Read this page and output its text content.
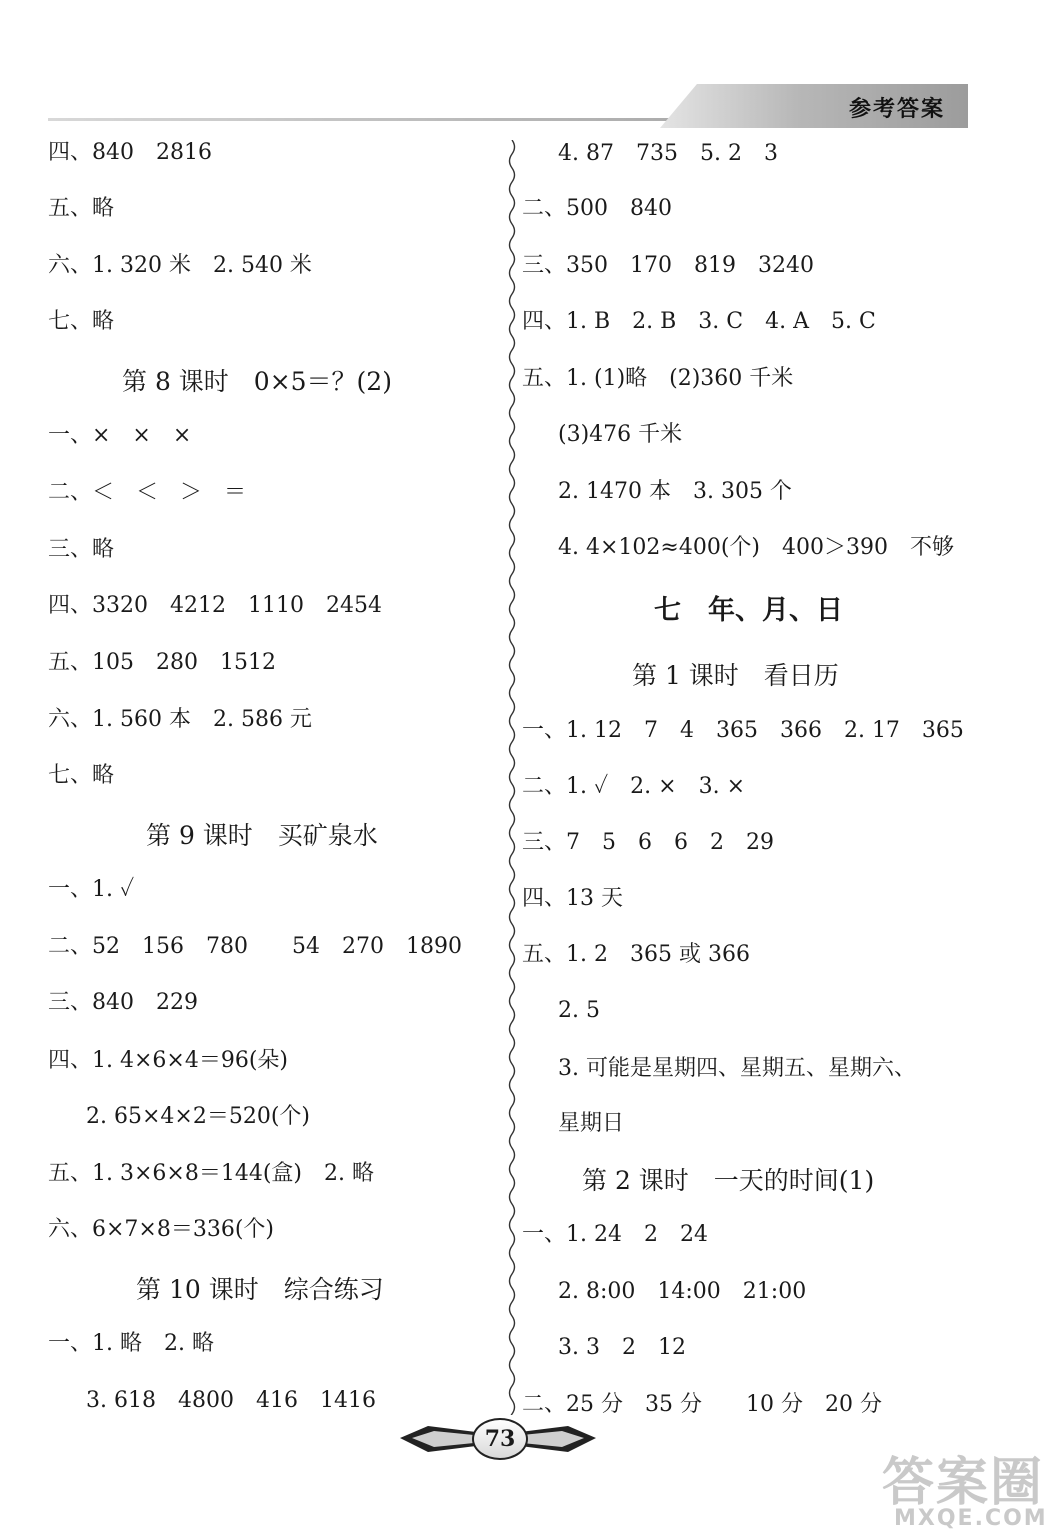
参考答案
四、840　2816
五、略
六、1. 320 米　2. 540 米
七、略
第 8 课时　0×5＝？(2)
一、×　×　×
二、＜　＜　＞　＝
三、略
四、3320　4212　1110　2454
五、105　280　1512
六、1. 560 本　2. 586 元
七、略
第 9 课时　买矿泉水
一、1. ✓
二、52　156　780　　54　270　1890
三、840　229
四、1. 4×6×4＝96(朵)
2. 65×4×2＝520(个)
五、1. 3×6×8＝144(盒)　2. 略
六、6×7×8＝336(个)
第 10 课时　综合练习
一、1. 略　2. 略
3. 618　4800　416　1416
4. 87　735　5. 2　3
二、500　840
三、350　170　819　3240
四、1. B　2. B　3. C　4. A　5. C
五、1. (1)略　(2)360 千米
(3)476 千米
2. 1470 本　3. 305 个
4. 4×102≈400(个)　400＞390　不够
七　年、月、日
第 1 课时　看日历
一、1. 12　7　4　365　366　2. 17　365
二、1. ✓　2. ×　3. ×
三、7　5　6　6　2　29
四、13 天
五、1. 2　365 或 366
2. 5
3. 可能是星期四、星期五、星期六、
星期日
第 2 课时　一天的时间(1)
一、1. 24　2　24
2. 8:00　14:00　21:00
3. 3　2　12
二、25 分　35 分　　10 分　20 分
73
答案圈
MXQE.COM
